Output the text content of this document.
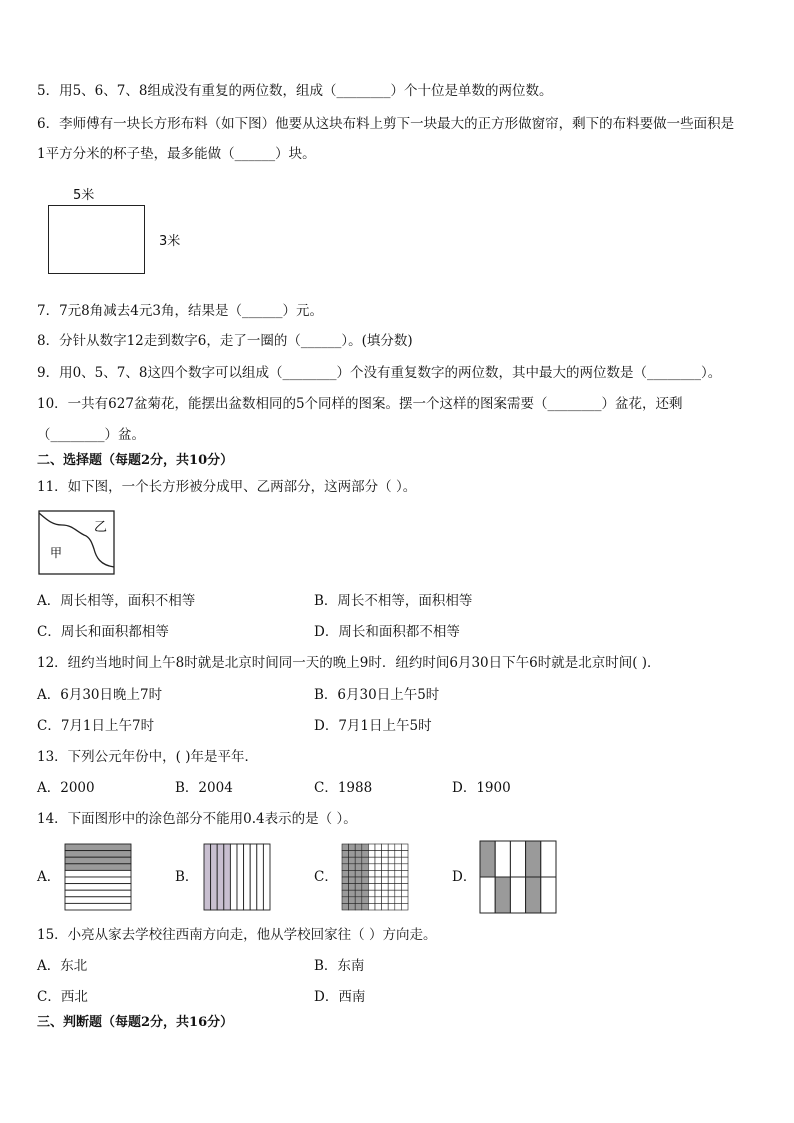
5．用5、6、7、8组成没有重复的两位数，组成（________）个十位是单数的两位数。
6．李师傅有一块长方形布料（如下图）他要从这块布料上剪下一块最大的正方形做窗帘，剩下的布料要做一些面积是
1平方分米的杯子垫，最多能做（______）块。
5米
3米
7．7元8角减去4元3角，结果是（______）元。
8．分针从数字12走到数字6，走了一圈的（______）。(填分数)
9．用0、5、7、8这四个数字可以组成（________）个没有重复数字的两位数，其中最大的两位数是（________）。
10．一共有627盆菊花，能摆出盆数相同的5个同样的图案。摆一个这样的图案需要（________）盆花，还剩
（________）盆。
二、选择题（每题2分，共10分）
11．如下图，一个长方形被分成甲、乙两部分，这两部分（ ）。
乙
甲
A．周长相等，面积不相等	B．周长不相等，面积相等
C．周长和面积都相等	D．周长和面积都不相等
12．纽约当地时间上午8时就是北京时间同一天的晚上9时．纽约时间6月30日下午6时就是北京时间( )．
A．6月30日晚上7时	B．6月30日上午5时
C．7月1日上午7时	D．7月1日上午5时
13．下列公元年份中，( )年是平年．
A．2000	B．2004	C．1988	D．1900
14．下面图形中的涂色部分不能用0.4表示的是（ ）。
A．	B．	C．	D．
15．小亮从家去学校往西南方向走，他从学校回家往（ ）方向走。
A．东北	B．东南
C．西北	D．西南
三、判断题（每题2分，共16分）
